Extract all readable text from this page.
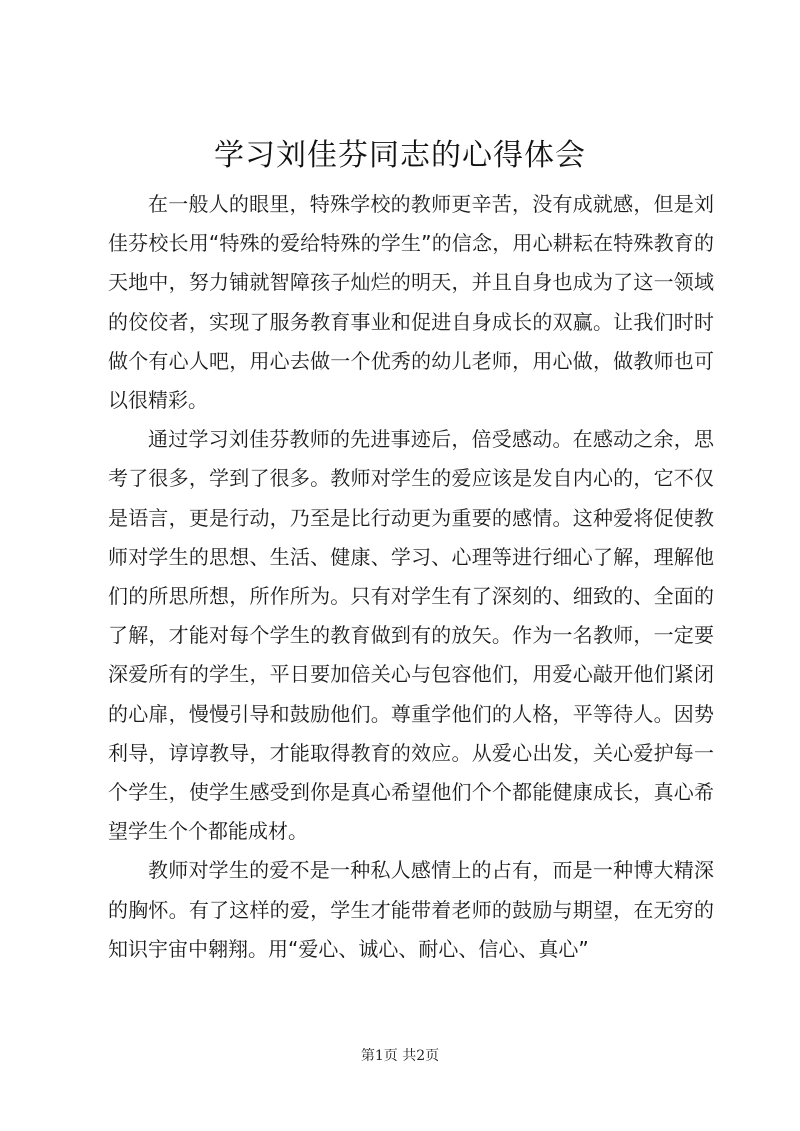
学习刘佳芬同志的心得体会

在一般人的眼里，特殊学校的教师更辛苦，没有成就感，但是刘佳芬校长用“特殊的爱给特殊的学生”的信念，用心耕耘在特殊教育的天地中，努力铺就智障孩子灿烂的明天，并且自身也成为了这一领域的佼佼者，实现了服务教育事业和促进自身成长的双赢。让我们时时做个有心人吧，用心去做一个优秀的幼儿老师，用心做，做教师也可以很精彩。

通过学习刘佳芬教师的先进事迹后，倍受感动。在感动之余，思考了很多，学到了很多。教师对学生的爱应该是发自内心的，它不仅是语言，更是行动，乃至是比行动更为重要的感情。这种爱将促使教师对学生的思想、生活、健康、学习、心理等进行细心了解，理解他们的所思所想，所作所为。只有对学生有了深刻的、细致的、全面的了解，才能对每个学生的教育做到有的放矢。作为一名教师，一定要深爱所有的学生，平日要加倍关心与包容他们，用爱心敲开他们紧闭的心扉，慢慢引导和鼓励他们。尊重学他们的人格，平等待人。因势利导，谆谆教导，才能取得教育的效应。从爱心出发，关心爱护每一个学生，使学生感受到你是真心希望他们个个都能健康成长，真心希望学生个个都能成材。

教师对学生的爱不是一种私人感情上的占有，而是一种博大精深的胸怀。有了这样的爱，学生才能带着老师的鼓励与期望，在无穷的知识宇宙中翱翔。用“爱心、诚心、耐心、信心、真心”

第1页 共2页
